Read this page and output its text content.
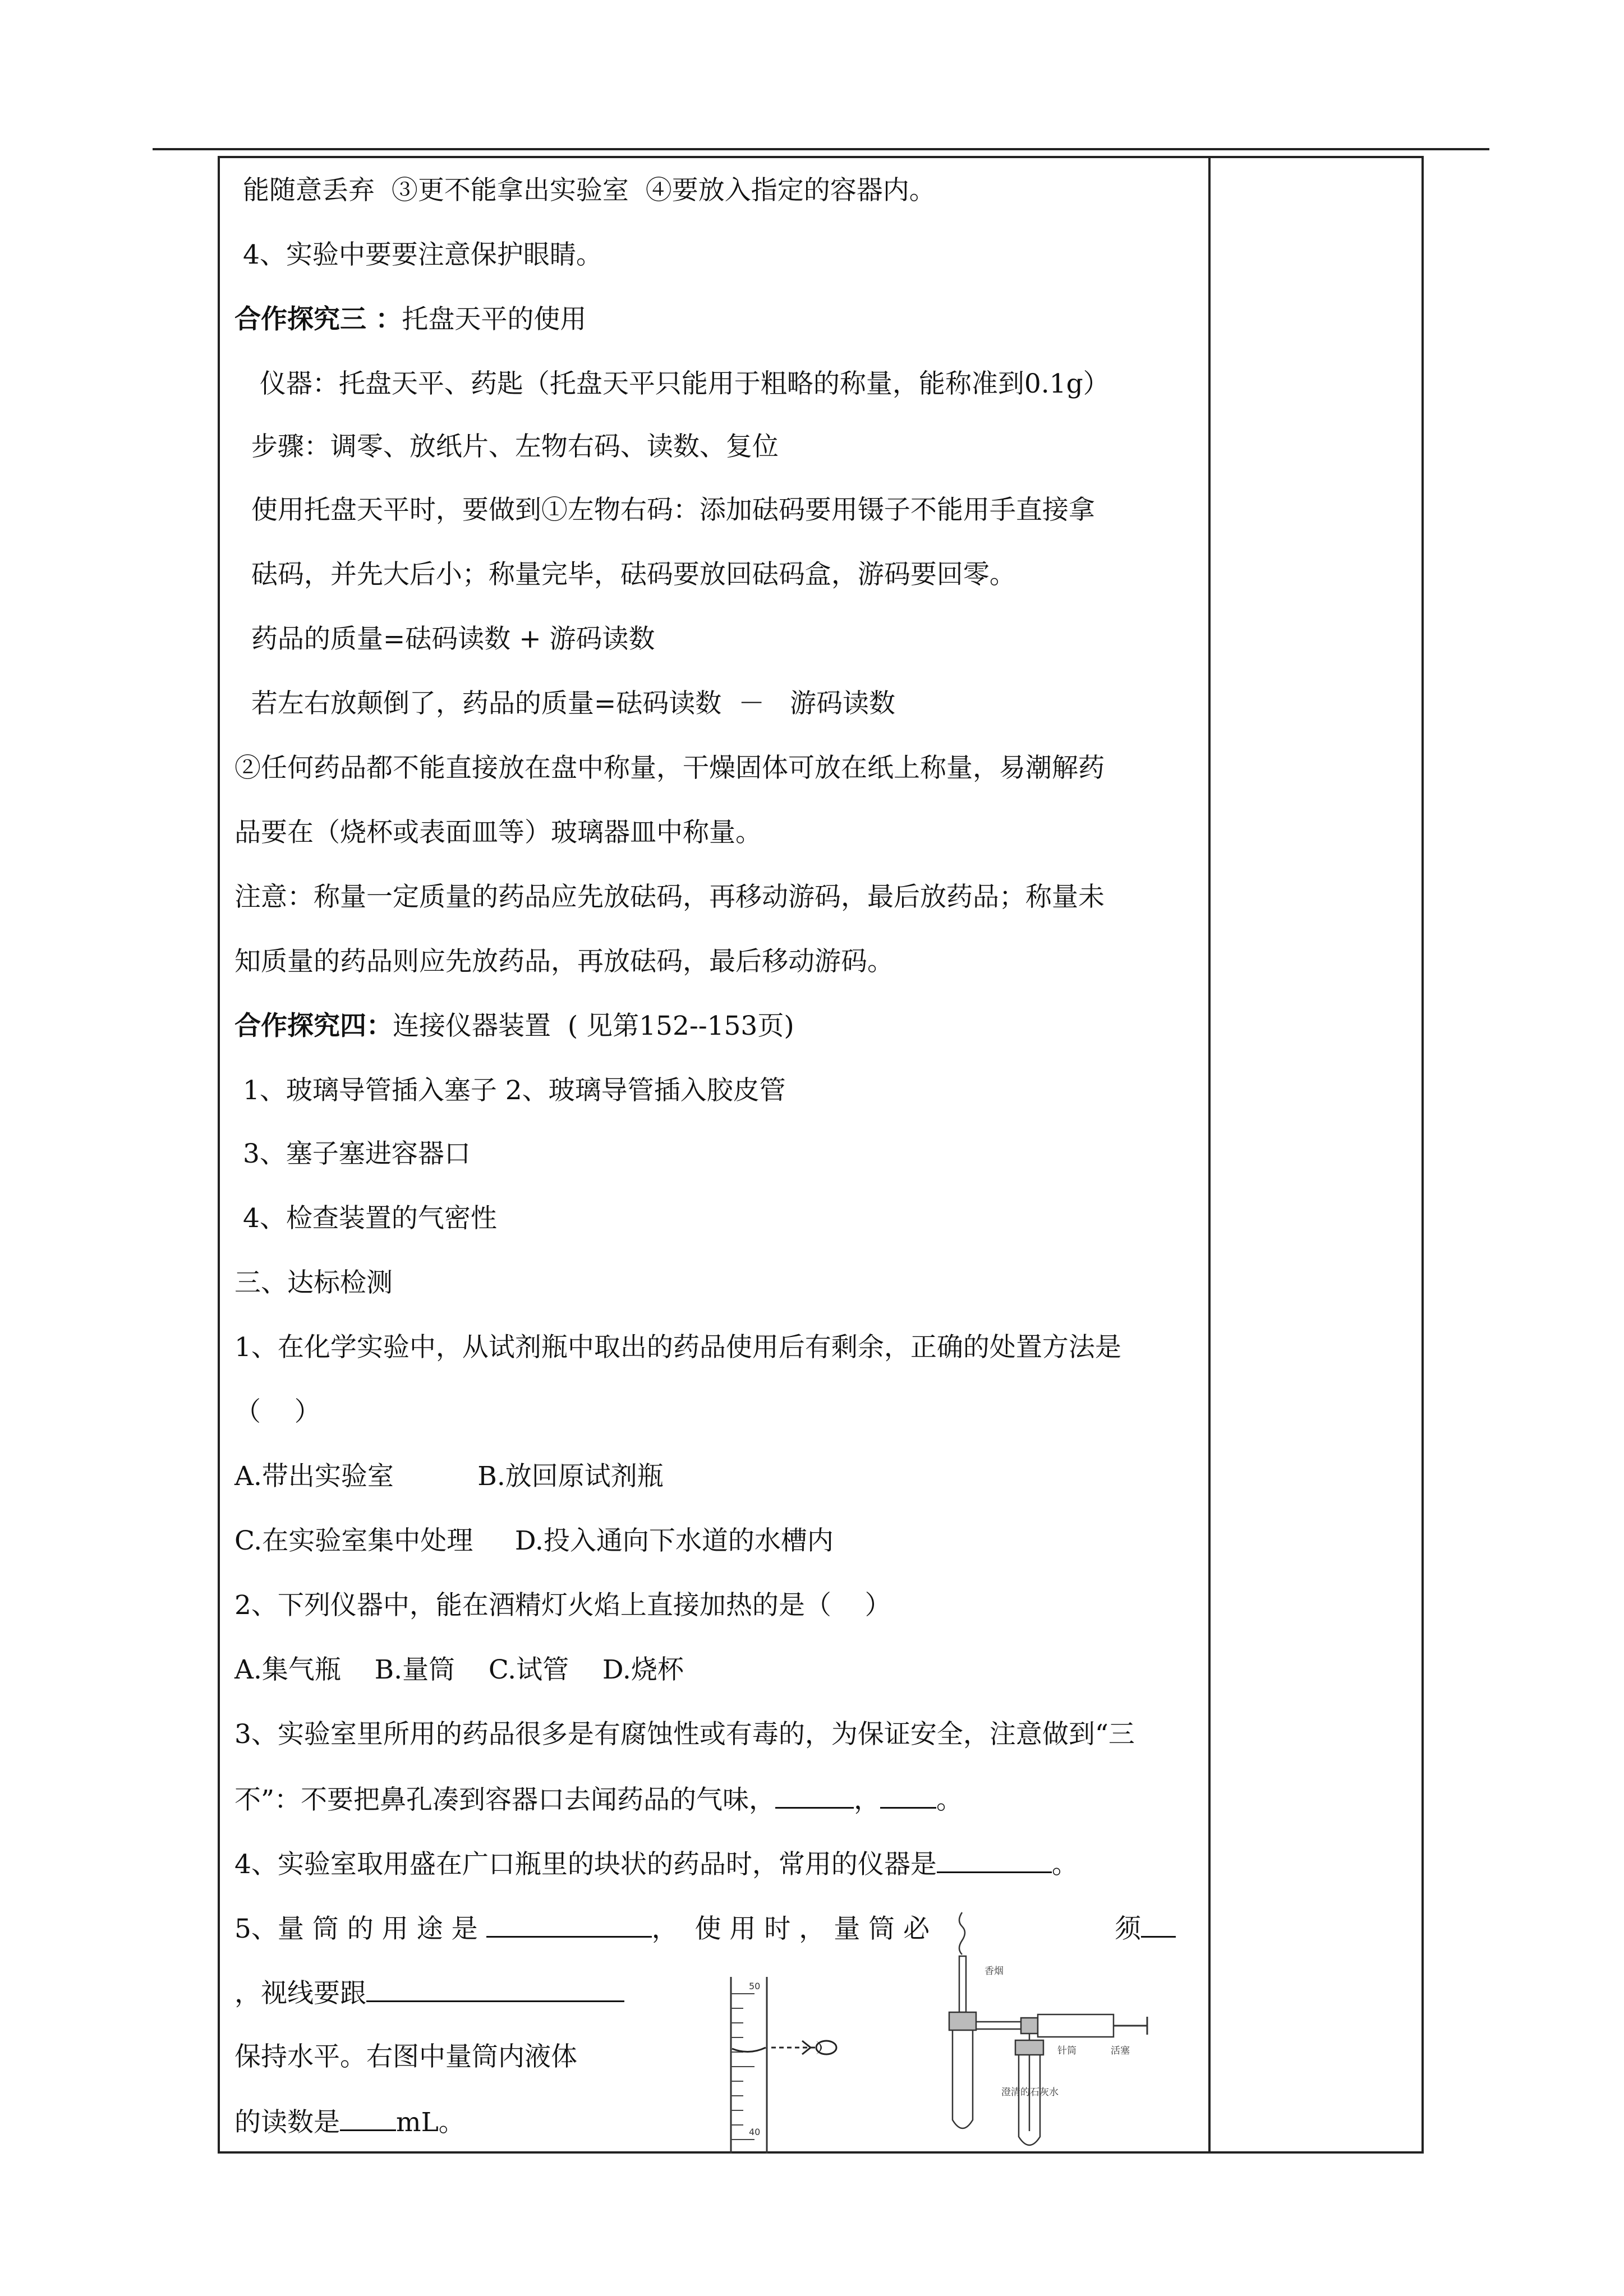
能随意丢弃  ③更不能拿出实验室  ④要放入指定的容器内。
4、实验中要要注意保护眼睛。
合作探究三 ：托盘天平的使用
仪器：托盘天平、药匙（托盘天平只能用于粗略的称量，能称准到0.1g）
步骤：调零、放纸片、左物右码、读数、复位
使用托盘天平时，要做到①左物右码：添加砝码要用镊子不能用手直接拿
砝码，并先大后小；称量完毕，砝码要放回砝码盒，游码要回零。
药品的质量=砝码读数 + 游码读数
若左右放颠倒了，药品的质量=砝码读数  －   游码读数
②任何药品都不能直接放在盘中称量，干燥固体可放在纸上称量，易潮解药
品要在（烧杯或表面皿等）玻璃器皿中称量。
注意：称量一定质量的药品应先放砝码，再移动游码，最后放药品；称量未
知质量的药品则应先放药品，再放砝码，最后移动游码。
合作探究四：连接仪器装置  ( 见第152--153页)
1、玻璃导管插入塞子 2、玻璃导管插入胶皮管
3、塞子塞进容器口
4、检查装置的气密性
三、达标检测
1、在化学实验中，从试剂瓶中取出的药品使用后有剩余，正确的处置方法是
（    ）
A.带出实验室          B.放回原试剂瓶
C.在实验室集中处理     D.投入通向下水道的水槽内
2、下列仪器中，能在酒精灯火焰上直接加热的是（    ）
A.集气瓶    B.量筒    C.试管    D.烧杯
3、实验室里所用的药品很多是有腐蚀性或有毒的，为保证安全，注意做到“三
不”：不要把鼻孔凑到容器口去闻药品的气味，	， 。
4、实验室取用盛在广口瓶里的块状的药品时，常用的仪器是	。
5、量 筒 的 用 途 是	，  使 用 时 ， 量 筒 必	须
，视线要跟
保持水平。右图中量筒内液体
的读数是 mL。
50
40
香烟
针筒	活塞
澄清的石灰水
